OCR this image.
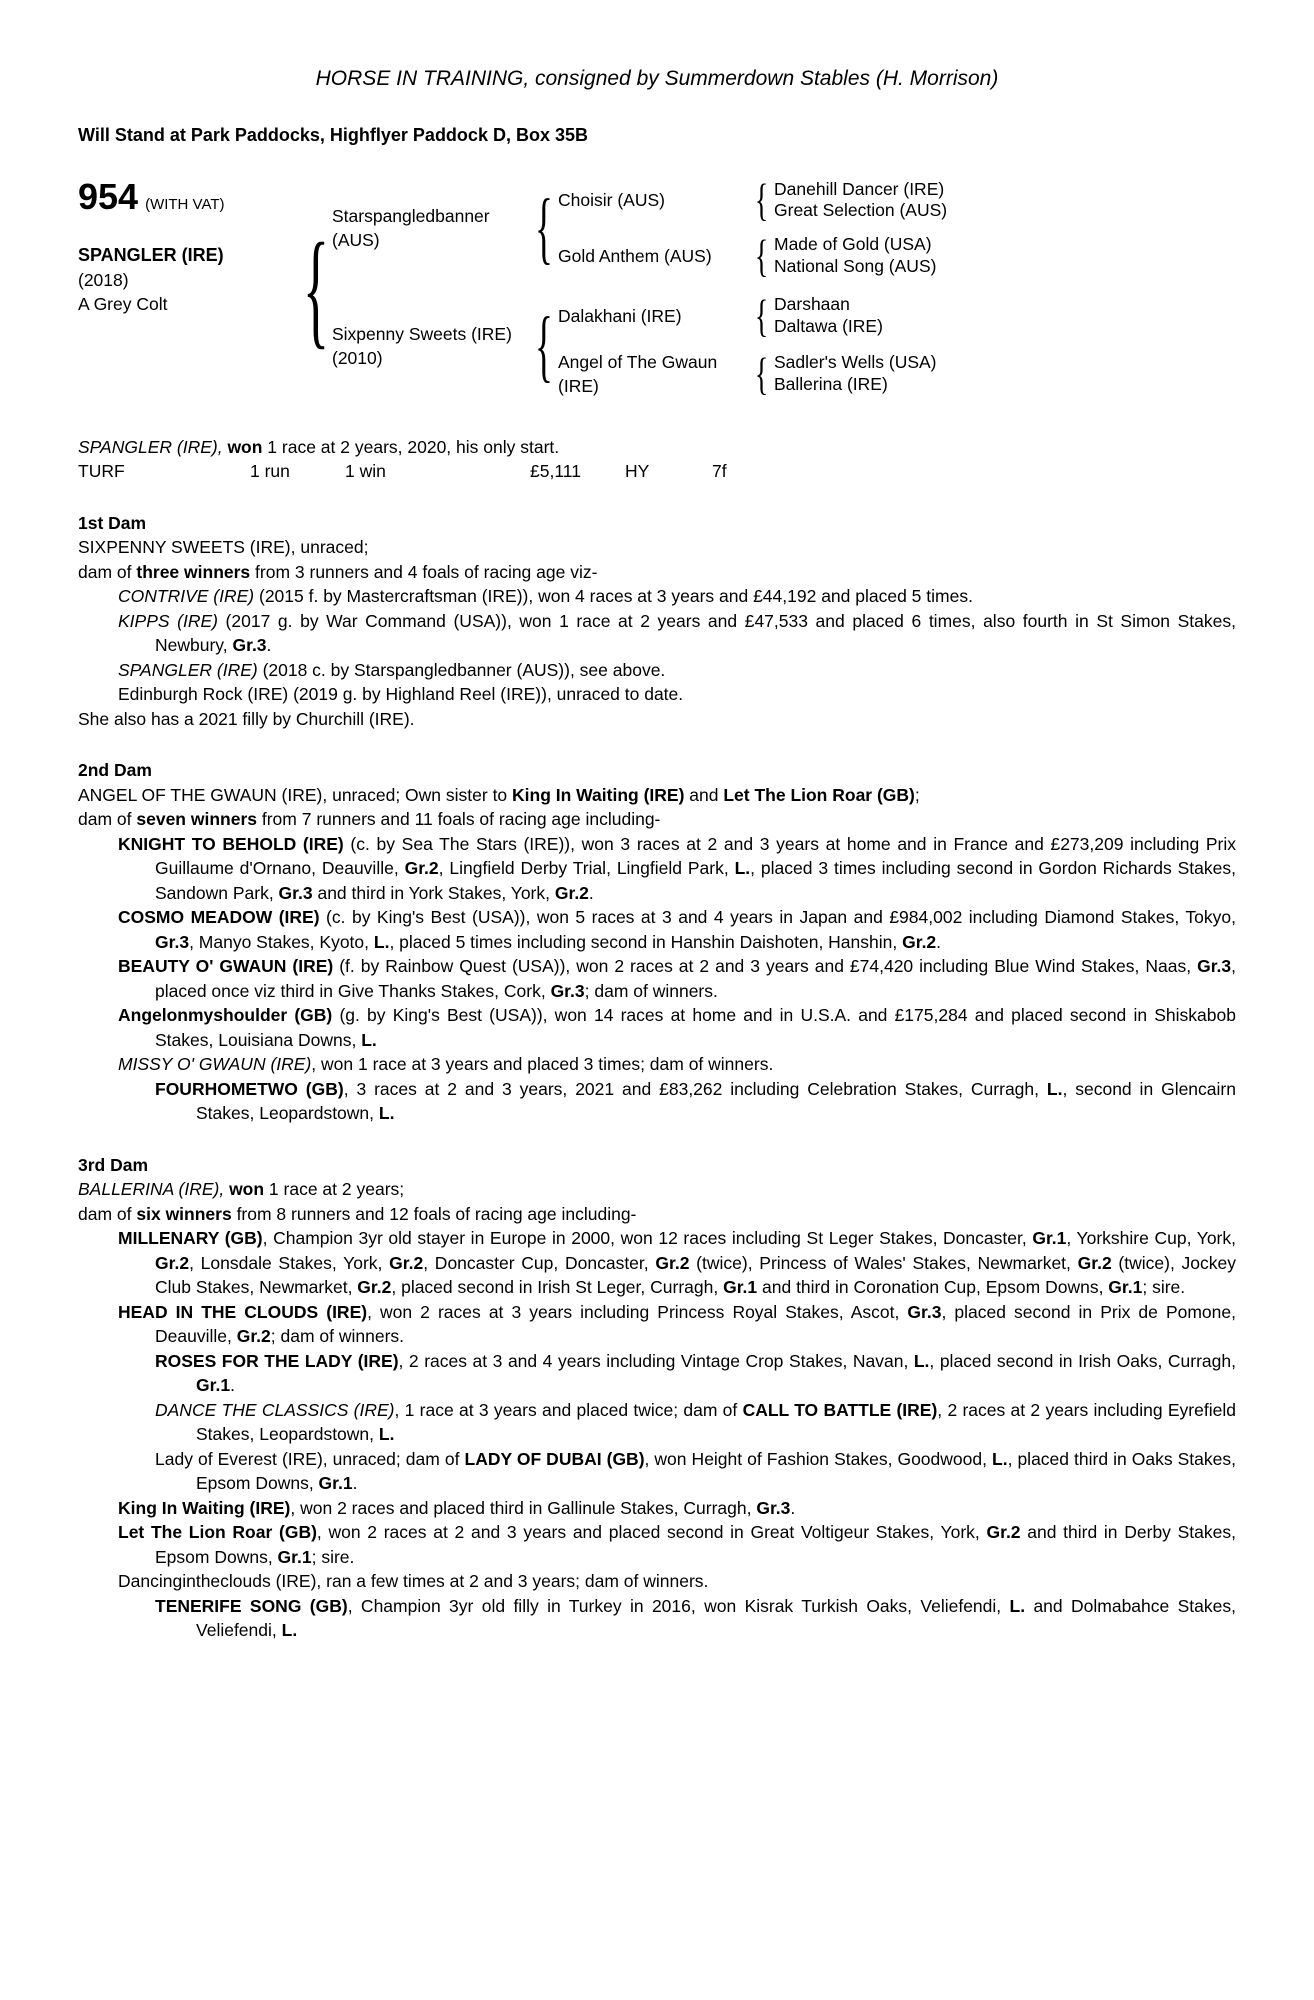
HORSE IN TRAINING, consigned by Summerdown Stables (H. Morrison)

Will Stand at Park Paddocks, Highflyer Paddock D, Box 35B

954 (WITH VAT)
SPANGLER (IRE)
(2018)
A Grey Colt
{
Starspangledbanner
(AUS)
{
Choisir (AUS)
{
Danehill Dancer (IRE)
Great Selection (AUS)
Gold Anthem (AUS)
{
Made of Gold (USA)
National Song (AUS)
Sixpenny Sweets (IRE)
(2010)
{
Dalakhani (IRE)
{
Darshaan
Daltawa (IRE)
Angel of The Gwaun (IRE)
{
Sadler's Wells (USA)
Ballerina (IRE)

SPANGLER (IRE), won 1 race at 2 years, 2020, his only start.

TURF	1 run	1 win	£5,111	HY	7f
1st Dam

SIXPENNY SWEETS (IRE), unraced;

dam of three winners from 3 runners and 4 foals of racing age viz-

CONTRIVE (IRE) (2015 f. by Mastercraftsman (IRE)), won 4 races at 3 years and £44,192 and placed 5 times.

KIPPS (IRE) (2017 g. by War Command (USA)), won 1 race at 2 years and £47,533 and placed 6 times, also fourth in St Simon Stakes, Newbury, Gr.3.

SPANGLER (IRE) (2018 c. by Starspangledbanner (AUS)), see above.

Edinburgh Rock (IRE) (2019 g. by Highland Reel (IRE)), unraced to date.

She also has a 2021 filly by Churchill (IRE).

2nd Dam

ANGEL OF THE GWAUN (IRE), unraced; Own sister to King In Waiting (IRE) and Let The Lion Roar (GB);

dam of seven winners from 7 runners and 11 foals of racing age including-

KNIGHT TO BEHOLD (IRE) (c. by Sea The Stars (IRE)), won 3 races at 2 and 3 years at home and in France and £273,209 including Prix Guillaume d'Ornano, Deauville, Gr.2, Lingfield Derby Trial, Lingfield Park, L., placed 3 times including second in Gordon Richards Stakes, Sandown Park, Gr.3 and third in York Stakes, York, Gr.2.

COSMO MEADOW (IRE) (c. by King's Best (USA)), won 5 races at 3 and 4 years in Japan and £984,002 including Diamond Stakes, Tokyo, Gr.3, Manyo Stakes, Kyoto, L., placed 5 times including second in Hanshin Daishoten, Hanshin, Gr.2.

BEAUTY O' GWAUN (IRE) (f. by Rainbow Quest (USA)), won 2 races at 2 and 3 years and £74,420 including Blue Wind Stakes, Naas, Gr.3, placed once viz third in Give Thanks Stakes, Cork, Gr.3; dam of winners.

Angelonmyshoulder (GB) (g. by King's Best (USA)), won 14 races at home and in U.S.A. and £175,284 and placed second in Shiskabob Stakes, Louisiana Downs, L.

MISSY O' GWAUN (IRE), won 1 race at 3 years and placed 3 times; dam of winners.

FOURHOMETWO (GB), 3 races at 2 and 3 years, 2021 and £83,262 including Celebration Stakes, Curragh, L., second in Glencairn Stakes, Leopardstown, L.

3rd Dam

BALLERINA (IRE), won 1 race at 2 years;

dam of six winners from 8 runners and 12 foals of racing age including-

MILLENARY (GB), Champion 3yr old stayer in Europe in 2000, won 12 races including St Leger Stakes, Doncaster, Gr.1, Yorkshire Cup, York, Gr.2, Lonsdale Stakes, York, Gr.2, Doncaster Cup, Doncaster, Gr.2 (twice), Princess of Wales' Stakes, Newmarket, Gr.2 (twice), Jockey Club Stakes, Newmarket, Gr.2, placed second in Irish St Leger, Curragh, Gr.1 and third in Coronation Cup, Epsom Downs, Gr.1; sire.

HEAD IN THE CLOUDS (IRE), won 2 races at 3 years including Princess Royal Stakes, Ascot, Gr.3, placed second in Prix de Pomone, Deauville, Gr.2; dam of winners.

ROSES FOR THE LADY (IRE), 2 races at 3 and 4 years including Vintage Crop Stakes, Navan, L., placed second in Irish Oaks, Curragh, Gr.1.

DANCE THE CLASSICS (IRE), 1 race at 3 years and placed twice; dam of CALL TO BATTLE (IRE), 2 races at 2 years including Eyrefield Stakes, Leopardstown, L.

Lady of Everest (IRE), unraced; dam of LADY OF DUBAI (GB), won Height of Fashion Stakes, Goodwood, L., placed third in Oaks Stakes, Epsom Downs, Gr.1.

King In Waiting (IRE), won 2 races and placed third in Gallinule Stakes, Curragh, Gr.3.

Let The Lion Roar (GB), won 2 races at 2 and 3 years and placed second in Great Voltigeur Stakes, York, Gr.2 and third in Derby Stakes, Epsom Downs, Gr.1; sire.

Dancingintheclouds (IRE), ran a few times at 2 and 3 years; dam of winners.

TENERIFE SONG (GB), Champion 3yr old filly in Turkey in 2016, won Kisrak Turkish Oaks, Veliefendi, L. and Dolmabahce Stakes, Veliefendi, L.
